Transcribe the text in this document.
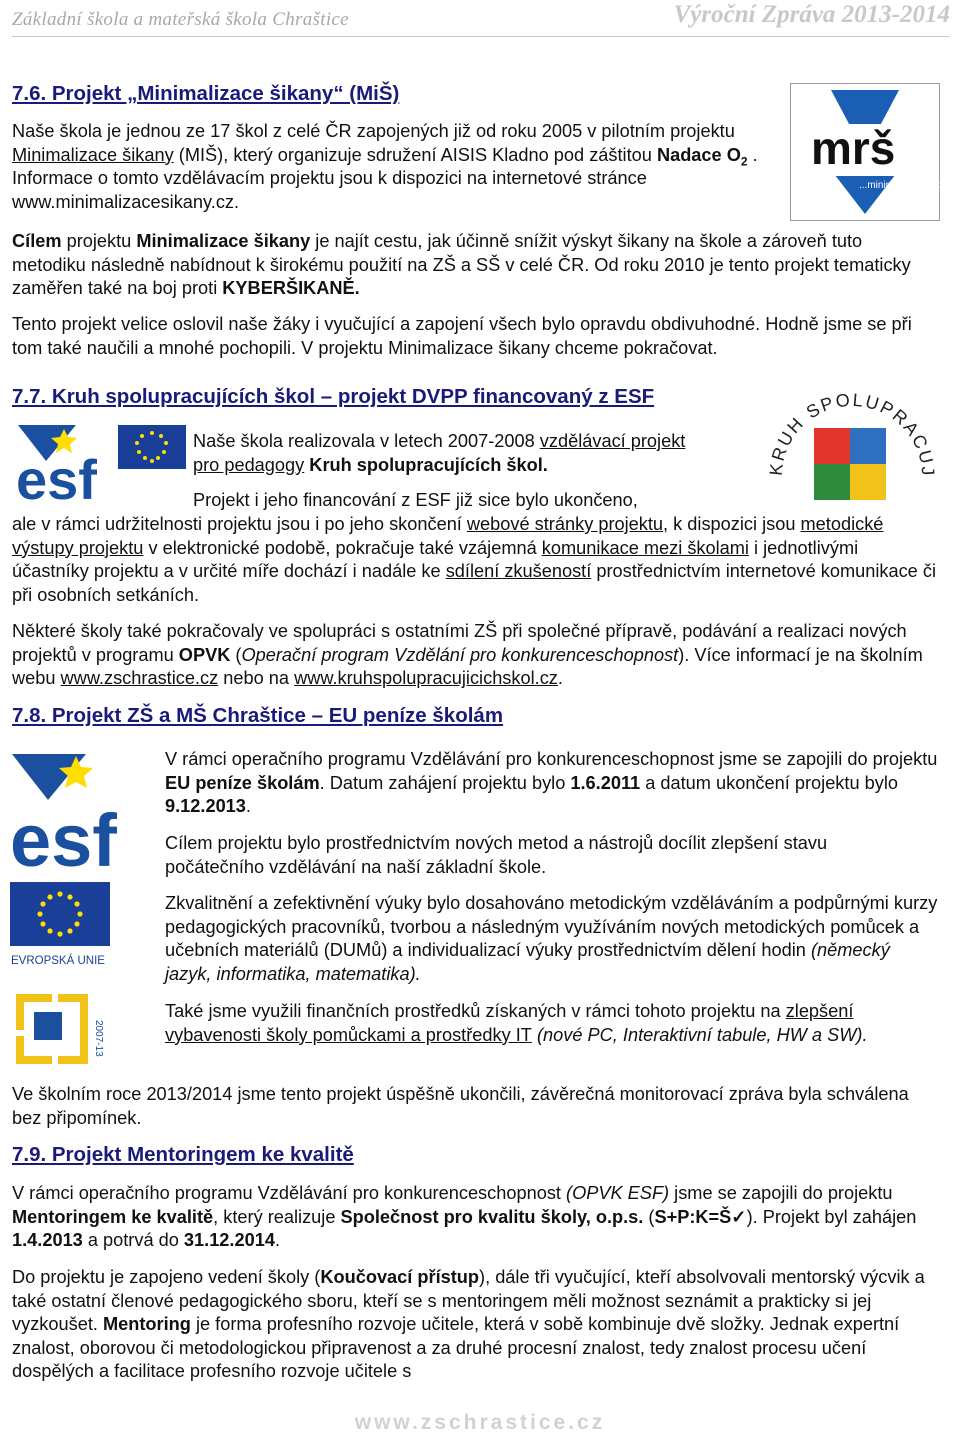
Základní škola a mateřská škola Chraštice	Výroční Zpráva 2013-2014
7.6. Projekt „Minimalizace šikany“ (MiŠ)
mrš
...minimalizace šikany
Naše škola je jednou ze 17 škol z celé ČR zapojených již od roku 2005 v pilotním projektu Minimalizace šikany (MIŠ), který organizuje sdružení AISIS Kladno pod záštitou Nadace $O_2$ . Informace o tomto vzdělávacím projektu jsou k dispozici na internetové stránce www.minimalizacesikany.cz.
Cílem projektu Minimalizace šikany je najít cestu, jak účinně snížit výskyt šikany na škole a zároveň tuto metodiku následně nabídnout k širokému použití na ZŠ a SŠ v celé ČR. Od roku 2010 je tento projekt tematicky zaměřen také na boj proti KYBERŠIKANĚ.
Tento projekt velice oslovil naše žáky i vyučující a zapojení všech bylo opravdu obdivuhodné. Hodně jsme se při tom také naučili a mnohé pochopili. V projektu Minimalizace šikany chceme pokračovat.
7.7. Kruh spolupracujících škol – projekt DVPP financovaný z ESF
esf	KRUH SPOLUPRACUJ
Naše škola realizovala v letech 2007-2008 vzdělávací projekt pro pedagogy Kruh spolupracujících škol.
Projekt i jeho financování z ESF již sice bylo ukončeno,
ale v rámci udržitelnosti projektu jsou i po jeho skončení webové stránky projektu, k dispozici jsou metodické výstupy projektu v elektronické podobě, pokračuje také vzájemná komunikace mezi školami i jednotlivými účastníky projektu a v určité míře dochází i nadále ke sdílení zkušeností prostřednictvím internetové komunikace či při osobních setkáních.
Některé školy také pokračovaly ve spolupráci s ostatními ZŠ při společné přípravě, podávání a realizaci nových projektů v programu OPVK (Operační program Vzdělání pro konkurenceschopnost). Více informací je na školním webu www.zschrastice.cz nebo na www.kruhspolupracujicichskol.cz.
7.8. Projekt ZŠ a MŠ Chraštice – EU peníze školám
esf
EVROPSKÁ UNIE
2007-13
V rámci operačního programu Vzdělávání pro konkurenceschopnost jsme se zapojili do projektu EU peníze školám. Datum zahájení projektu bylo 1.6.2011 a datum ukončení projektu bylo 9.12.2013.
Cílem projektu bylo prostřednictvím nových metod a nástrojů docílit zlepšení stavu počátečního vzdělávání na naší základní škole.
Zkvalitnění a zefektivnění výuky bylo dosahováno metodickým vzděláváním a podpůrnými kurzy pedagogických pracovníků, tvorbou a následným využíváním nových metodických pomůcek a učebních materiálů (DUMů) a individualizací výuky prostřednictvím dělení hodin (německý jazyk, informatika, matematika).
Také jsme využili finančních prostředků získaných v rámci tohoto projektu na zlepšení vybavenosti školy pomůckami a prostředky IT (nové PC, Interaktivní tabule, HW a SW).
Ve školním roce 2013/2014 jsme tento projekt úspěšně ukončili, závěrečná monitorovací zpráva byla schválena bez připomínek.
7.9. Projekt Mentoringem ke kvalitě
V rámci operačního programu Vzdělávání pro konkurenceschopnost (OPVK ESF) jsme se zapojili do projektu Mentoringem ke kvalitě, který realizuje Společnost pro kvalitu školy, o.p.s. (S+P:K=Š✓). Projekt byl zahájen 1.4.2013 a potrvá do 31.12.2014.
Do projektu je zapojeno vedení školy (Koučovací přístup), dále tři vyučující, kteří absolvovali mentorský výcvik a také ostatní členové pedagogického sboru, kteří se s mentoringem měli možnost seznámit a prakticky si jej vyzkoušet. Mentoring je forma profesního rozvoje učitele, která v sobě kombinuje dvě složky. Jednak expertní znalost, oborovou či metodologickou připravenost a za druhé procesní znalost, tedy znalost procesu učení dospělých a facilitace profesního rozvoje učitele s
www.zschrastice.cz
